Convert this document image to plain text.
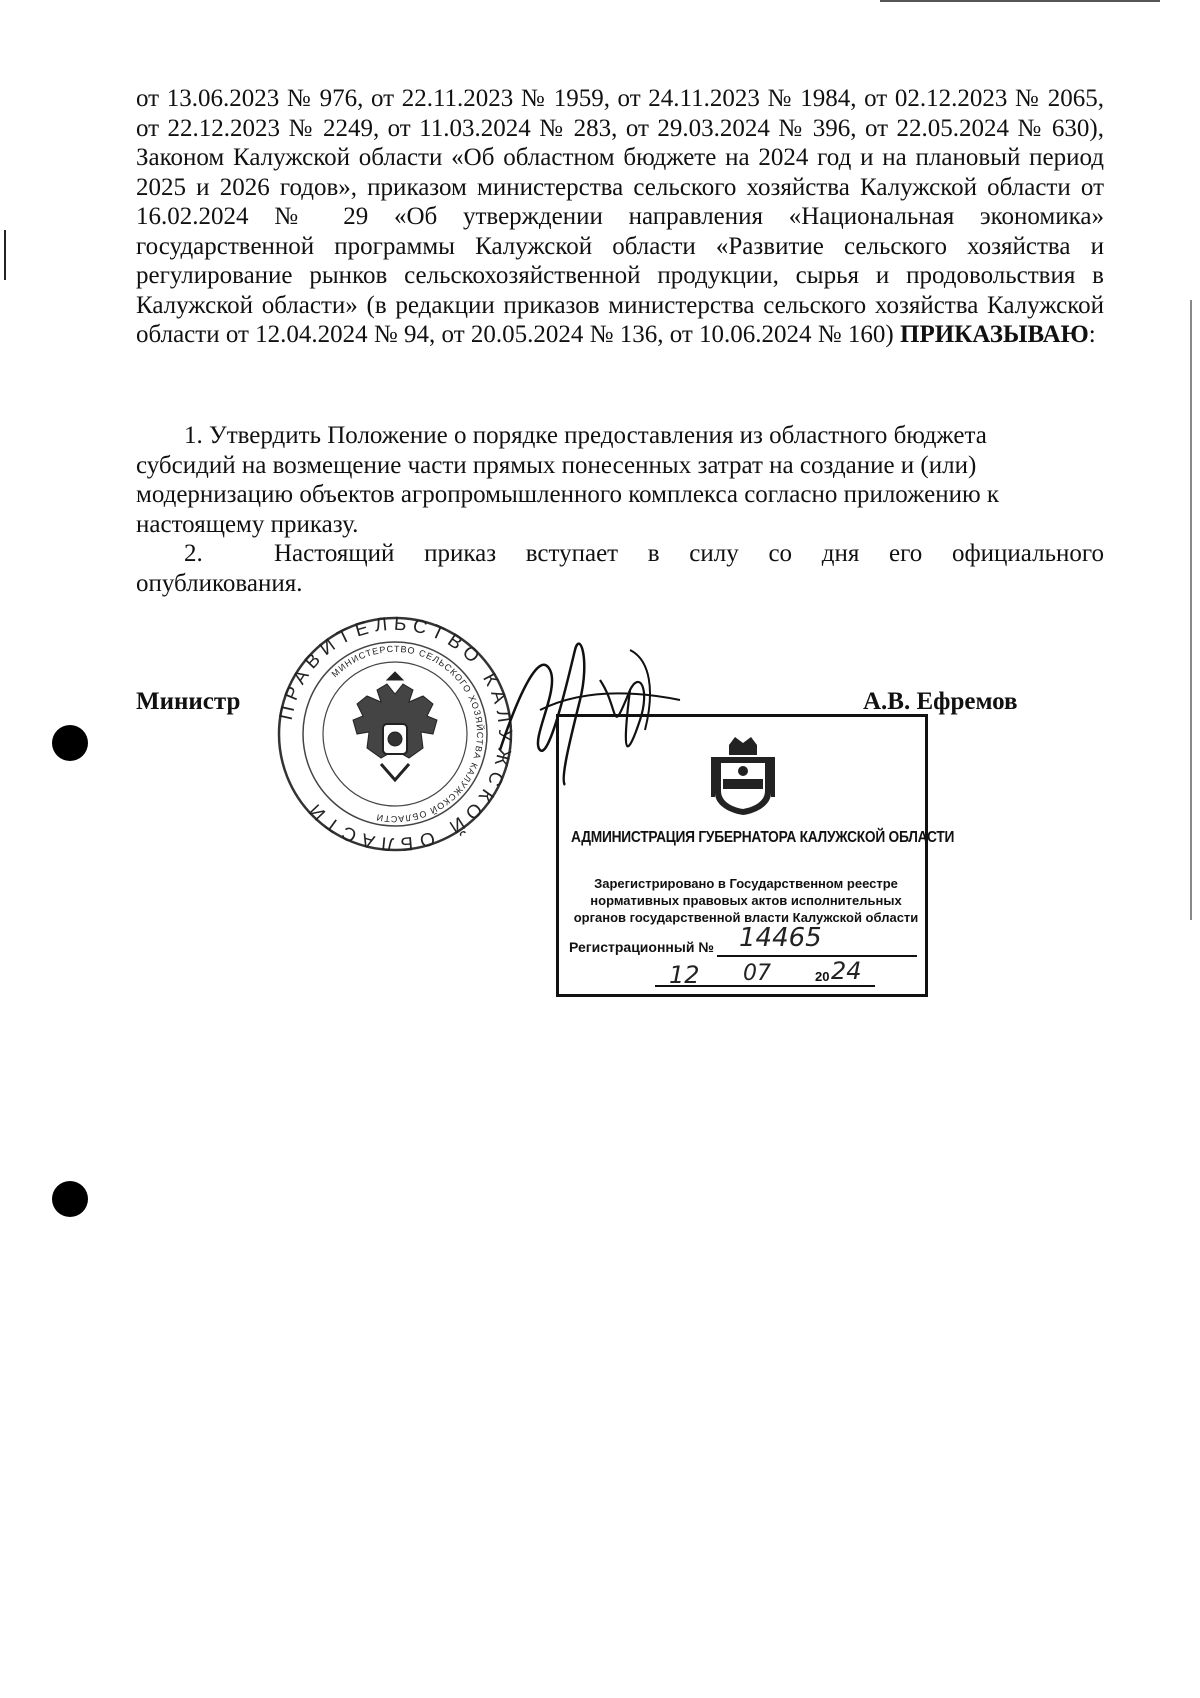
от 13.06.2023 № 976, от 22.11.2023 № 1959, от 24.11.2023 № 1984, от 02.12.2023 № 2065, от 22.12.2023 № 2249, от 11.03.2024 № 283, от 29.03.2024 № 396, от 22.05.2024 № 630), Законом Калужской области «Об областном бюджете на 2024 год и на плановый период 2025 и 2026 годов», приказом министерства сельского хозяйства Калужской области от 16.02.2024 № 29 «Об утверждении направления «Национальная экономика» государственной программы Калужской области «Развитие сельского хозяйства и регулирование рынков сельскохозяйственной продукции, сырья и продовольствия в Калужской области» (в редакции приказов министерства сельского хозяйства Калужской области от 12.04.2024 № 94, от 20.05.2024 № 136, от 10.06.2024 № 160) ПРИКАЗЫВАЮ:
1. Утвердить Положение о порядке предоставления из областного бюджета субсидий на возмещение части прямых понесенных затрат на создание и (или) модернизацию объектов агропромышленного комплекса согласно приложению к настоящему приказу.
2.	Настоящий приказ вступает в силу со дня его официального
опубликования.
Министр	А.В. Ефремов
ПРАВИТЕЛЬСТВО КАЛУЖСКОЙ ОБЛАСТИ
МИНИСТЕРСТВО СЕЛЬСКОГО ХОЗЯЙСТВА КАЛУЖСКОЙ ОБЛАСТИ
АДМИНИСТРАЦИЯ ГУБЕРНАТОРА КАЛУЖСКОЙ ОБЛАСТИ
Зарегистрировано в Государственном реестре нормативных правовых актов исполнительных органов государственной власти Калужской области
Регистрационный № 14465
12 07	20 24
